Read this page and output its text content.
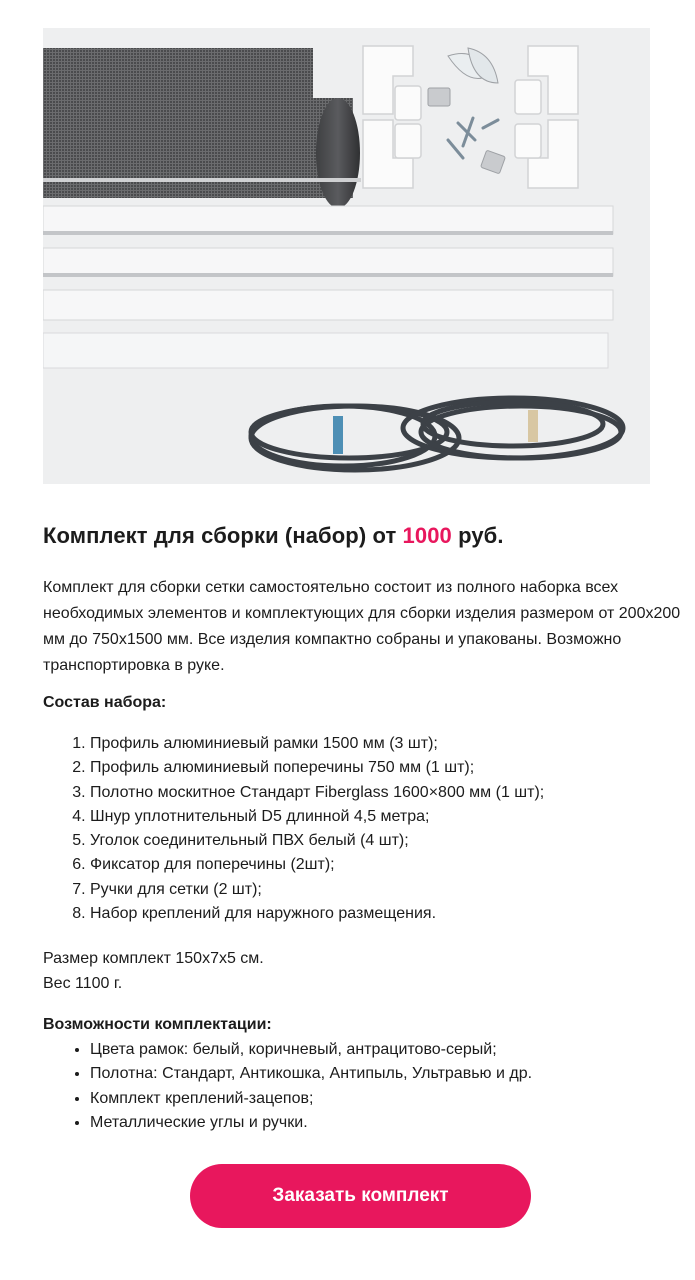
Комплект для сборки (набор) от 1000 руб.

Комплект для сборки сетки самостоятельно состоит из полного наборка всех необходимых элементов и комплектующих для сборки изделия размером от 200х200 мм до 750х1500 мм. Все изделия компактно собраны и упакованы. Возможно транспортировка в руке.

Состав набора:
1. Профиль алюминиевый рамки 1500 мм (3 шт);
2. Профиль алюминиевый поперечины 750 мм (1 шт);
3. Полотно москитное Стандарт Fiberglass 1600×800 мм (1 шт);
4. Шнур уплотнительный D5 длинной 4,5 метра;
5. Уголок соединительный ПВХ белый (4 шт);
6. Фиксатор для поперечины (2шт);
7. Ручки для сетки (2 шт);
8. Набор креплений для наружного размещения.
Размер комплект 150х7х5 см.
Вес 1100 г.
Возможности комплектации:
• Цвета рамок: белый, коричневый, антрацитово-серый;
• Полотна: Стандарт, Антикошка, Антипыль, Ультравью и др.
• Комплект креплений-зацепов;
• Металлические углы и ручки.
Заказать комплект
